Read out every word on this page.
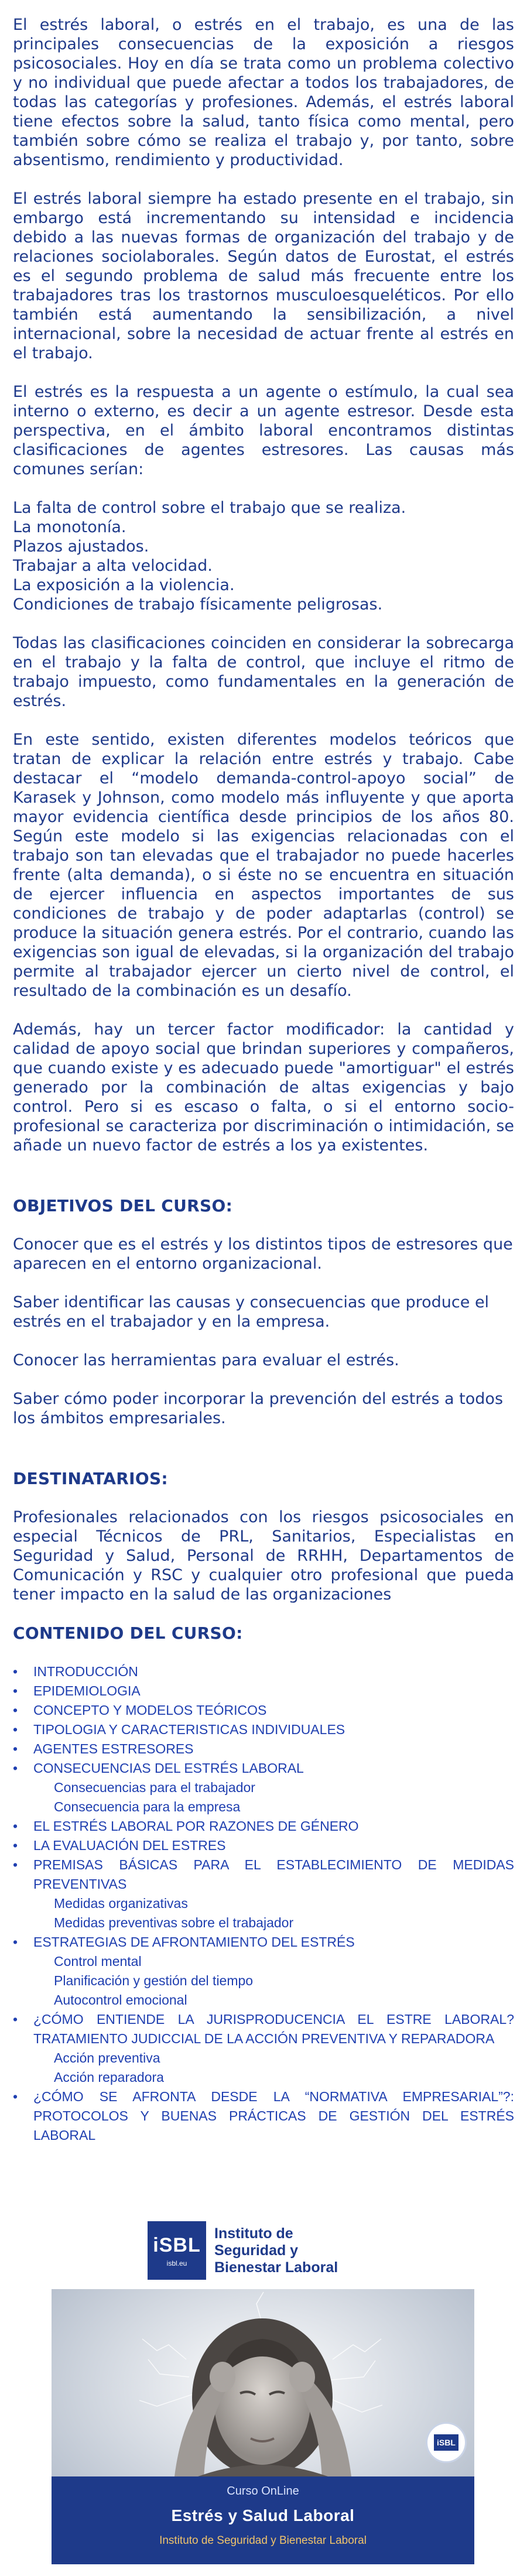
El estrés laboral, o estrés en el trabajo, es una de las principales consecuencias de la exposición a riesgos psicosociales. Hoy en día se trata como un problema colectivo y no individual que puede afectar a todos los trabajadores, de todas las categorías y profesiones. Además, el estrés laboral tiene efectos sobre la salud, tanto física como mental, pero también sobre cómo se realiza el trabajo y, por tanto, sobre absentismo, rendimiento y productividad.

El estrés laboral siempre ha estado presente en el trabajo, sin embargo está incrementando su intensidad e incidencia debido a las nuevas formas de organización del trabajo y de relaciones sociolaborales. Según datos de Eurostat, el estrés es el segundo problema de salud más frecuente entre los trabajadores tras los trastornos musculoesqueléticos. Por ello también está aumentando la sensibilización, a nivel internacional, sobre la necesidad de actuar frente al estrés en el trabajo.

El estrés es la respuesta a un agente o estímulo, la cual sea interno o externo, es decir a un agente estresor. Desde esta perspectiva, en el ámbito laboral encontramos distintas clasificaciones de agentes estresores. Las causas más comunes serían:

La falta de control sobre el trabajo que se realiza.
La monotonía.
Plazos ajustados.
Trabajar a alta velocidad.
La exposición a la violencia.
Condiciones de trabajo físicamente peligrosas.

Todas las clasificaciones coinciden en considerar la sobrecarga en el trabajo y la falta de control, que incluye el ritmo de trabajo impuesto, como fundamentales en la generación de estrés.

En este sentido, existen diferentes modelos teóricos que tratan de explicar la relación entre estrés y trabajo. Cabe destacar el “modelo demanda-control-apoyo social” de Karasek y Johnson, como modelo más influyente y que aporta mayor evidencia científica desde principios de los años 80. Según este modelo si las exigencias relacionadas con el trabajo son tan elevadas que el trabajador no puede hacerles frente (alta demanda), o si éste no se encuentra en situación de ejercer influencia en aspectos importantes de sus condiciones de trabajo y de poder adaptarlas (control) se produce la situación genera estrés. Por el contrario, cuando las exigencias son igual de elevadas, si la organización del trabajo permite al trabajador ejercer un cierto nivel de control, el resultado de la combinación es un desafío.

Además, hay un tercer factor modificador: la cantidad y calidad de apoyo social que brindan superiores y compañeros, que cuando existe y es adecuado puede "amortiguar" el estrés generado por la combinación de altas exigencias y bajo control. Pero si es escaso o falta, o si el entorno socio-profesional se caracteriza por discriminación o intimidación, se añade un nuevo factor de estrés a los ya existentes.

OBJETIVOS DEL CURSO:

Conocer que es el estrés y los distintos tipos de estresores que aparecen en el entorno organizacional.

Saber identificar las causas y consecuencias que produce el estrés en el trabajador y en la empresa.

Conocer las herramientas para evaluar el estrés.

Saber cómo poder incorporar la prevención del estrés a todos los ámbitos empresariales.

DESTINATARIOS:

Profesionales relacionados con los riesgos psicosociales en especial Técnicos de PRL, Sanitarios, Especialistas en Seguridad y Salud, Personal de RRHH, Departamentos de Comunicación y RSC y cualquier otro profesional que pueda tener impacto en la salud de las organizaciones

CONTENIDO DEL CURSO:
• INTRODUCCIÓN
• EPIDEMIOLOGIA
• CONCEPTO Y MODELOS TEÓRICOS
• TIPOLOGIA Y CARACTERISTICAS INDIVIDUALES
• AGENTES ESTRESORES
• CONSECUENCIAS DEL ESTRÉS LABORAL
Consecuencias para el trabajador
Consecuencia para la empresa
• EL ESTRÉS LABORAL POR RAZONES DE GÉNERO
• LA EVALUACIÓN DEL ESTRES
• PREMISAS BÁSICAS PARA EL ESTABLECIMIENTO DE MEDIDAS PREVENTIVAS
Medidas organizativas
Medidas preventivas sobre el trabajador
• ESTRATEGIAS DE AFRONTAMIENTO DEL ESTRÉS
Control mental
Planificación y gestión del tiempo
Autocontrol emocional
• ¿CÓMO ENTIENDE LA JURISPRODUCENCIA EL ESTRE LABORAL?TRATAMIENTO JUDICCIAL DE LA ACCIÓN PREVENTIVA Y REPARADORA
Acción preventiva
Acción reparadora
• ¿CÓMO SE AFRONTA DESDE LA “NORMATIVA EMPRESARIAL”?: PROTOCOLOS Y BUENAS PRÁCTICAS DE GESTIÓN DEL ESTRÉS LABORAL
iSBL
isbl.eu
Instituto de
Seguridad y
Bienestar Laboral
iSBL
Curso OnLine
Estrés y Salud Laboral
Instituto de Seguridad y Bienestar Laboral
